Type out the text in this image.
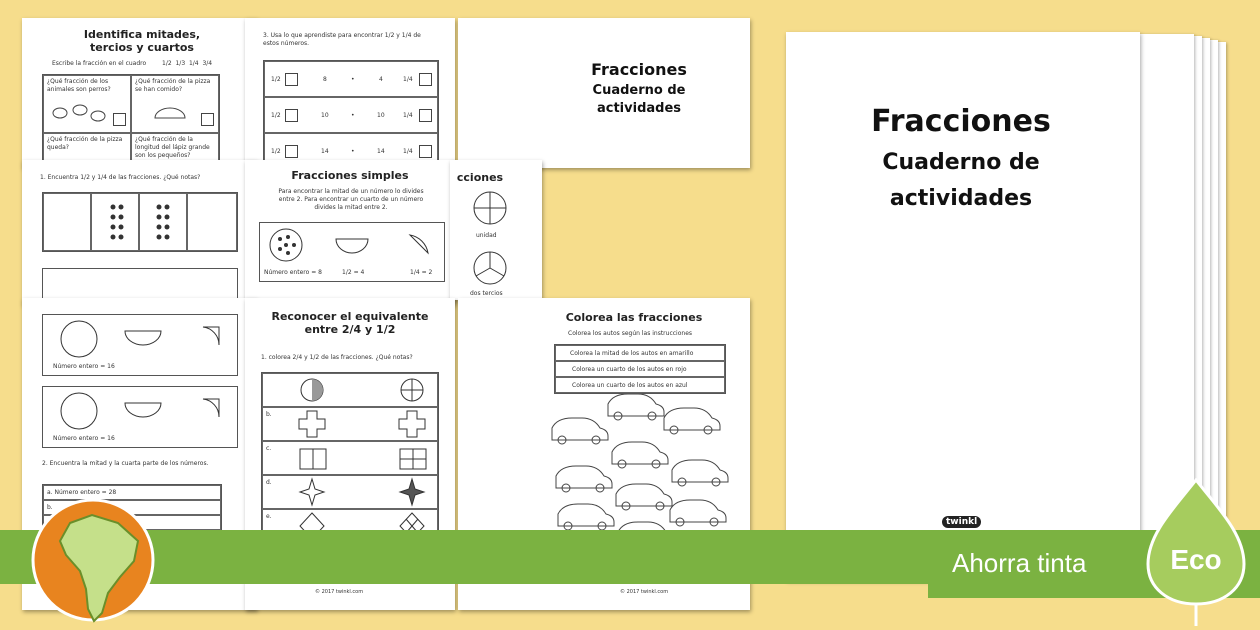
Identifica mitades, tercios y cuartos
Escribe la fracción en el cuadro	1/2 1/3 1/4 3/4
¿Qué fracción de los animales son perros?
¿Qué fracción de la pizza se han comido?
¿Qué fracción de la pizza queda?
¿Qué fracción de la longitud del lápiz grande son los pequeños?
3. Usa lo que aprendiste para encontrar 1/2 y 1/4 de estos números.
1/2	8	•	4	1/4
1/2	10	•	10	1/4
1/2	14	•	14	1/4
Fracciones
Cuaderno de actividades
1. Encuentra 1/2 y 1/4 de las fracciones. ¿Qué notas?	Fracciones simples
Para encontrar la mitad de un número lo divides entre 2. Para encontrar un cuarto de un número divides la mitad entre 2.
Número entero = 8	1/2 = 4	1/4 = 2
cciones
unidad
dos tercios
Número entero = 16
Número entero = 16
2. Encuentra la mitad y la cuarta parte de los números.
a. Número entero = 28
b.
Reconocer el equivalente entre 2/4 y 1/2
1. colorea 2/4 y 1/2 de las fracciones. ¿Qué notas?
b.
c.
d.
e.
© 2017 twinkl.com
Colorea las fracciones
Colorea los autos según las instrucciones
Colorea la mitad de los autos en amarillo
Colorea un cuarto de los autos en rojo
Colorea un cuarto de los autos en azul
© 2017 twinkl.com
Fracciones
Cuaderno de
actividades
twinkl
Ahorra tinta	Eco
